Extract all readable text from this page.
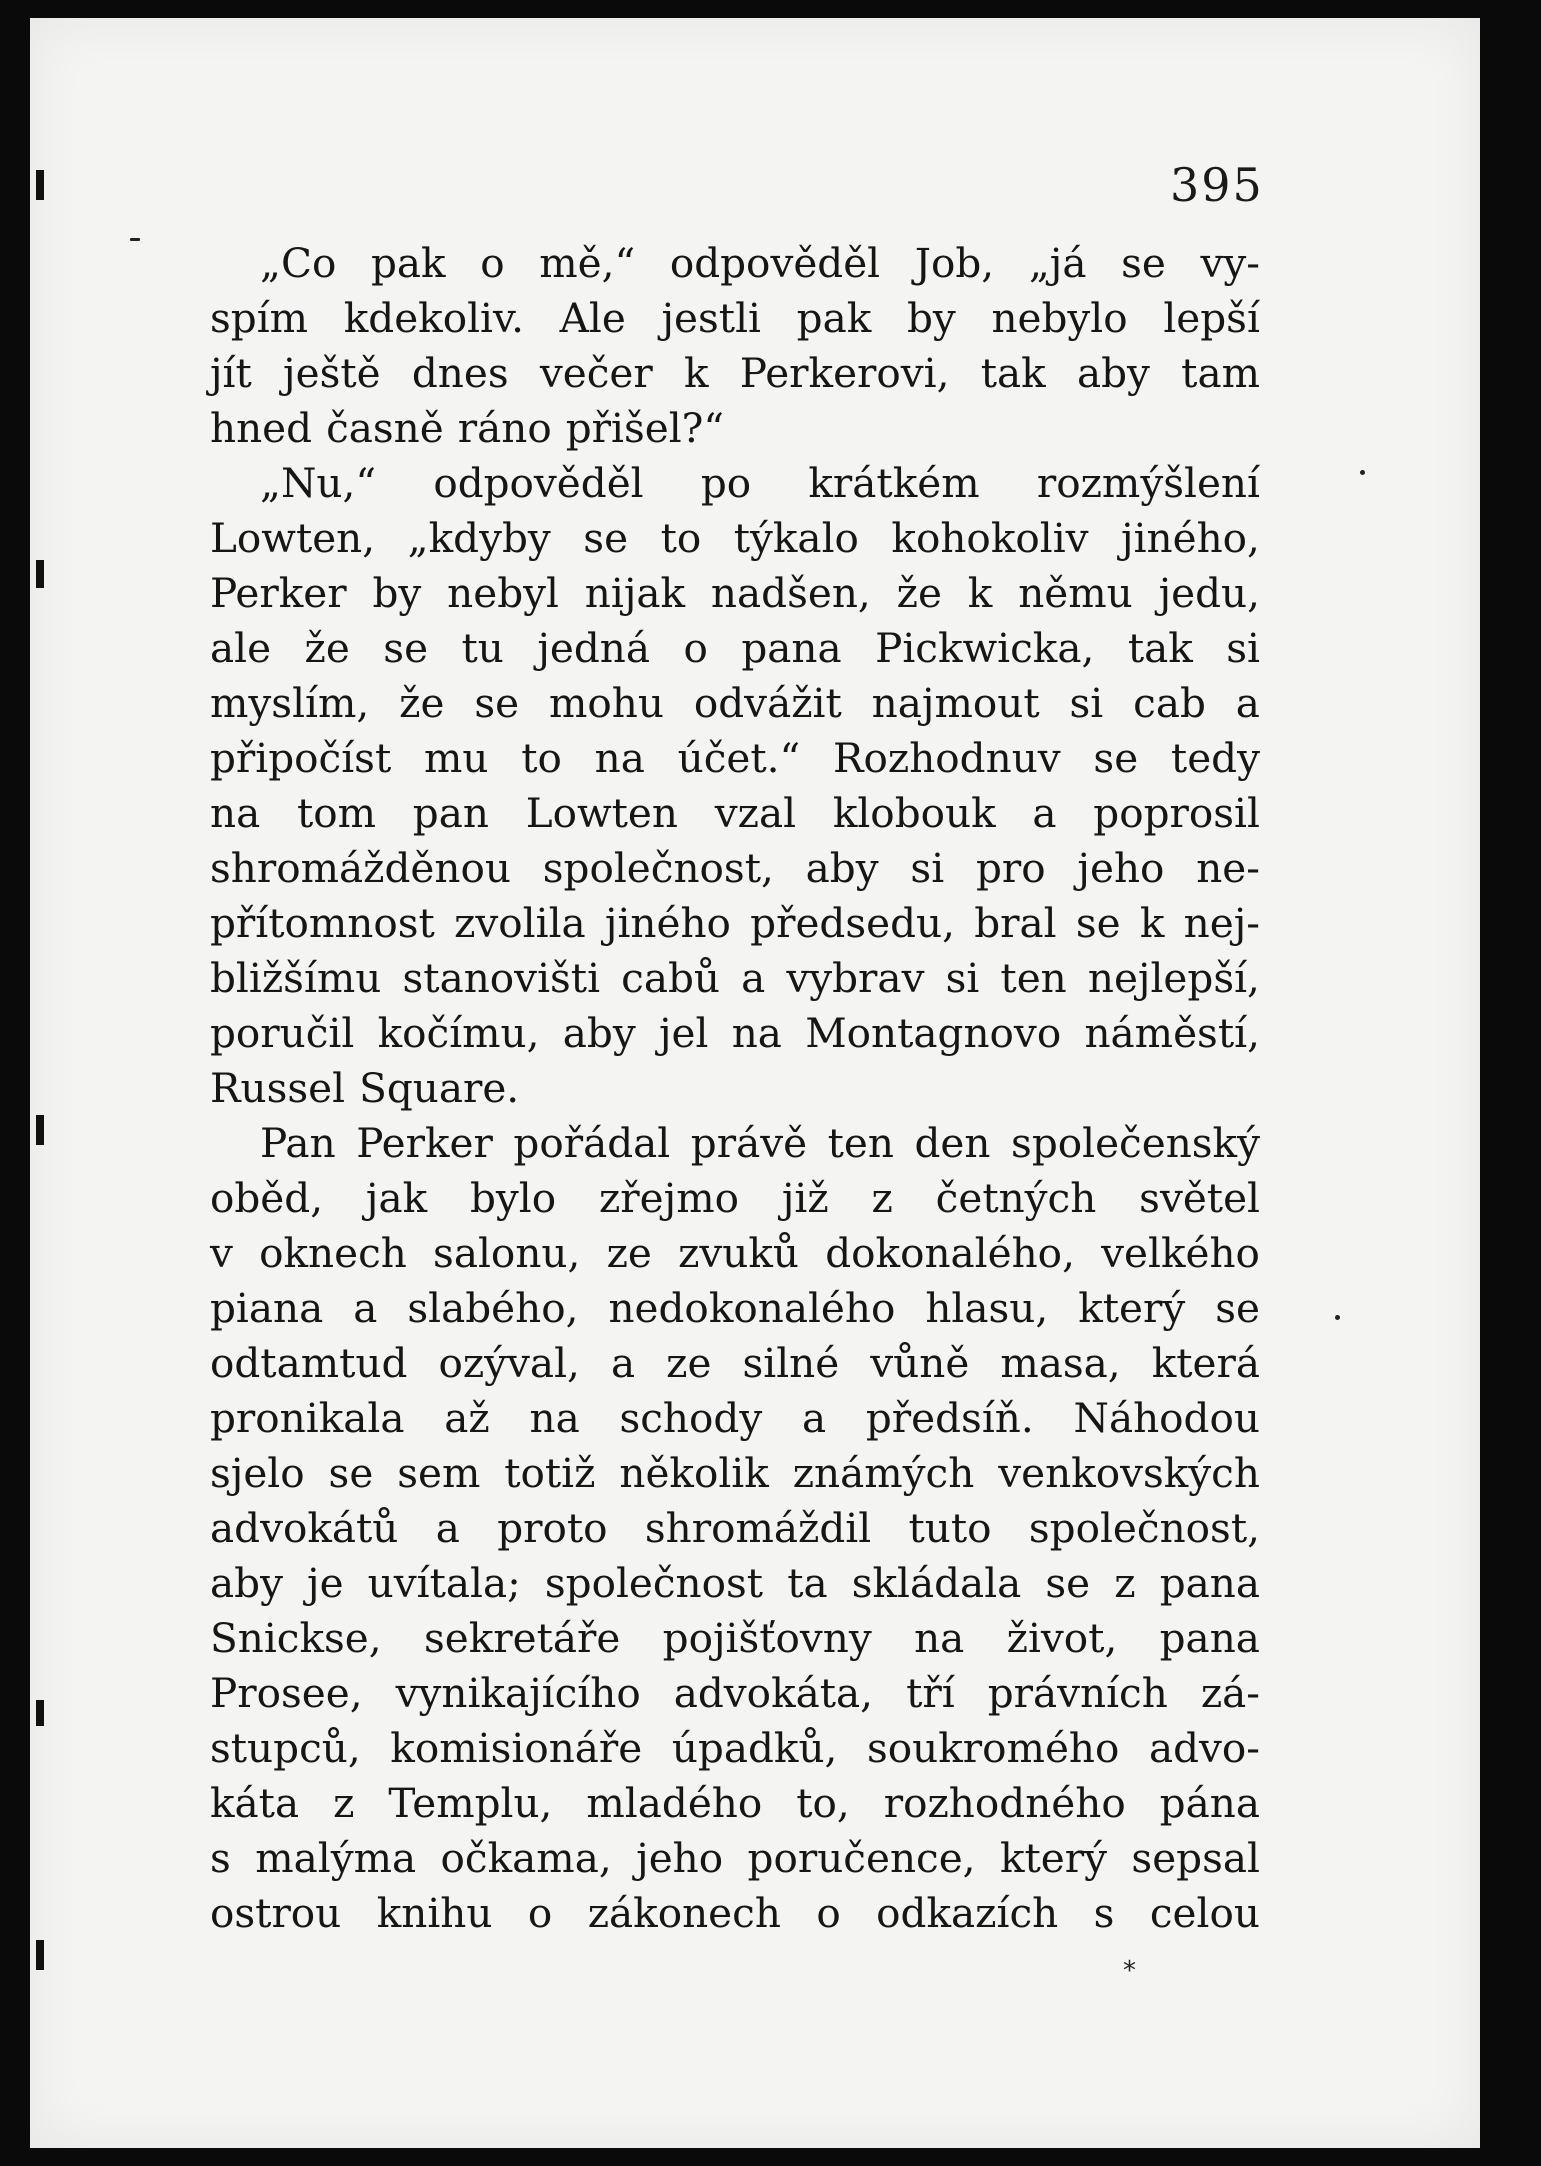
395
„Co pak o mě,“ odpověděl Job, „já se vy-
spím kdekoliv. Ale jestli pak by nebylo lepší
jít ještě dnes večer k Perkerovi, tak aby tam
hned časně ráno přišel?“
„Nu,“ odpověděl po krátkém rozmýšlení
Lowten, „kdyby se to týkalo kohokoliv jiného,
Perker by nebyl nijak nadšen, že k němu jedu,
ale že se tu jedná o pana Pickwicka, tak si
myslím, že se mohu odvážit najmout si cab a
připočíst mu to na účet.“ Rozhodnuv se tedy
na tom pan Lowten vzal klobouk a poprosil
shromážděnou společnost, aby si pro jeho ne-
přítomnost zvolila jiného předsedu, bral se k nej-
bližšímu stanovišti cabů a vybrav si ten nejlepší,
poručil kočímu, aby jel na Montagnovo náměstí,
Russel Square.
Pan Perker pořádal právě ten den společenský
oběd, jak bylo zřejmo již z četných světel
v oknech salonu, ze zvuků dokonalého, velkého
piana a slabého, nedokonalého hlasu, který se
odtamtud ozýval, a ze silné vůně masa, která
pronikala až na schody a předsíň. Náhodou
sjelo se sem totiž několik známých venkovských
advokátů a proto shromáždil tuto společnost,
aby je uvítala; společnost ta skládala se z pana
Snickse, sekretáře pojišťovny na život, pana
Prosee, vynikajícího advokáta, tří právních zá-
stupců, komisionáře úpadků, soukromého advo-
káta z Templu, mladého to, rozhodného pána
s malýma očkama, jeho poručence, který sepsal
ostrou knihu o zákonech o odkazích s celou
*
